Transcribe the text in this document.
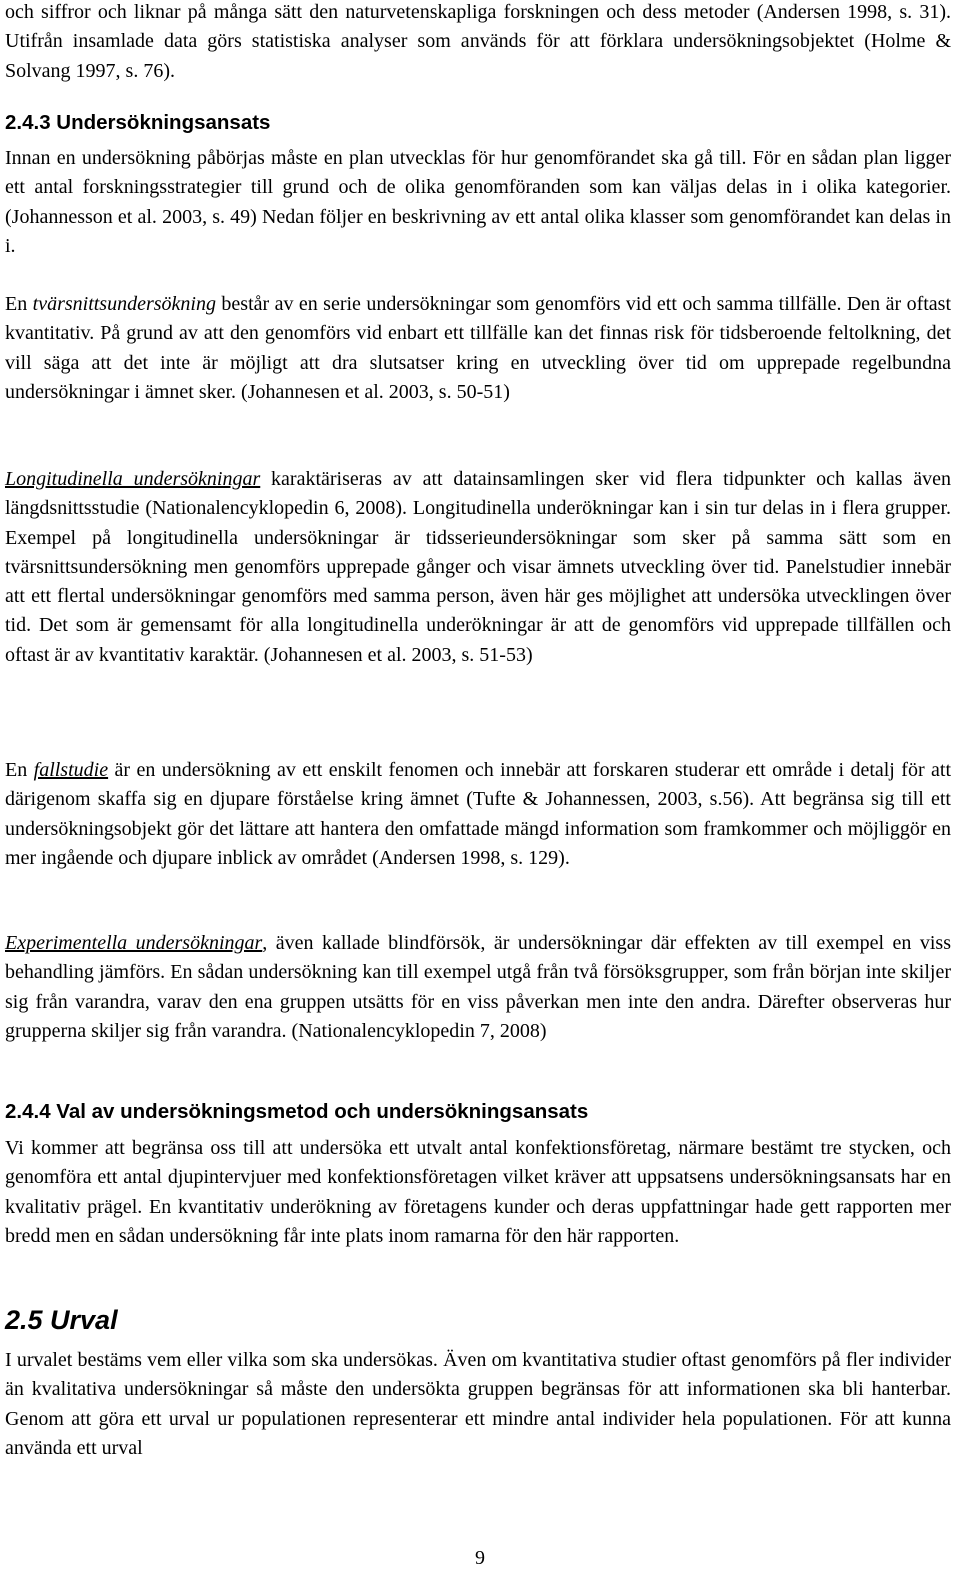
och siffror och liknar på många sätt den naturvetenskapliga forskningen och dess metoder (Andersen 1998, s. 31). Utifrån insamlade data görs statistiska analyser som används för att förklara undersökningsobjektet (Holme & Solvang 1997, s. 76).
2.4.3 Undersökningsansats
Innan en undersökning påbörjas måste en plan utvecklas för hur genomförandet ska gå till. För en sådan plan ligger ett antal forskningsstrategier till grund och de olika genomföranden som kan väljas delas in i olika kategorier. (Johannesson et al. 2003, s. 49) Nedan följer en beskrivning av ett antal olika klasser som genomförandet kan delas in i.
En tvärsnittsundersökning består av en serie undersökningar som genomförs vid ett och samma tillfälle. Den är oftast kvantitativ. På grund av att den genomförs vid enbart ett tillfälle kan det finnas risk för tidsberoende feltolkning, det vill säga att det inte är möjligt att dra slutsatser kring en utveckling över tid om upprepade regelbundna undersökningar i ämnet sker. (Johannesen et al. 2003, s. 50-51)
Longitudinella undersökningar karaktäriseras av att datainsamlingen sker vid flera tidpunkter och kallas även längdsnittsstudie (Nationalencyklopedin 6, 2008). Longitudinella underökningar kan i sin tur delas in i flera grupper. Exempel på longitudinella undersökningar är tidsserieundersökningar som sker på samma sätt som en tvärsnittsundersökning men genomförs upprepade gånger och visar ämnets utveckling över tid. Panelstudier innebär att ett flertal undersökningar genomförs med samma person, även här ges möjlighet att undersöka utvecklingen över tid. Det som är gemensamt för alla longitudinella underökningar är att de genomförs vid upprepade tillfällen och oftast är av kvantitativ karaktär. (Johannesen et al. 2003, s. 51-53)
En fallstudie är en undersökning av ett enskilt fenomen och innebär att forskaren studerar ett område i detalj för att därigenom skaffa sig en djupare förståelse kring ämnet (Tufte & Johannessen, 2003, s.56). Att begränsa sig till ett undersökningsobjekt gör det lättare att hantera den omfattade mängd information som framkommer och möjliggör en mer ingående och djupare inblick av området (Andersen 1998, s. 129).
Experimentella undersökningar, även kallade blindförsök, är undersökningar där effekten av till exempel en viss behandling jämförs. En sådan undersökning kan till exempel utgå från två försöksgrupper, som från början inte skiljer sig från varandra, varav den ena gruppen utsätts för en viss påverkan men inte den andra. Därefter observeras hur grupperna skiljer sig från varandra. (Nationalencyklopedin 7, 2008)
2.4.4 Val av undersökningsmetod och undersökningsansats
Vi kommer att begränsa oss till att undersöka ett utvalt antal konfektionsföretag, närmare bestämt tre stycken, och genomföra ett antal djupintervjuer med konfektionsföretagen vilket kräver att uppsatsens undersökningsansats har en kvalitativ prägel. En kvantitativ underökning av företagens kunder och deras uppfattningar hade gett rapporten mer bredd men en sådan undersökning får inte plats inom ramarna för den här rapporten.
2.5 Urval
I urvalet bestäms vem eller vilka som ska undersökas. Även om kvantitativa studier oftast genomförs på fler individer än kvalitativa undersökningar så måste den undersökta gruppen begränsas för att informationen ska bli hanterbar. Genom att göra ett urval ur populationen representerar ett mindre antal individer hela populationen. För att kunna använda ett urval
9
